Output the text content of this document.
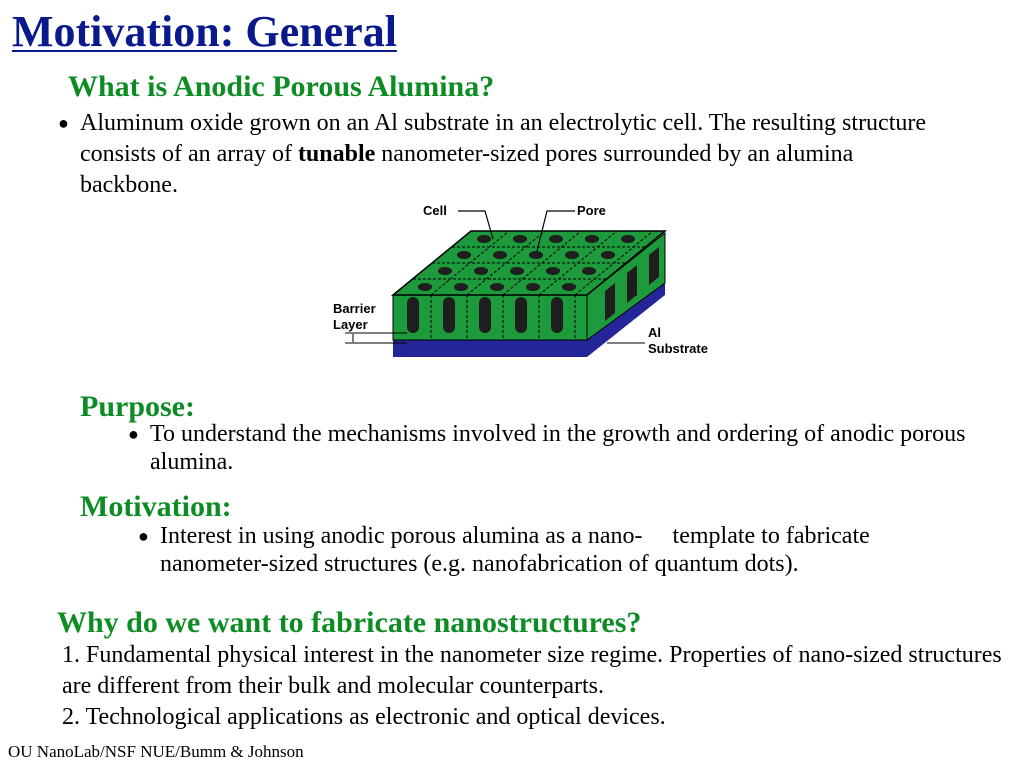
Motivation: General
What is Anodic Porous Alumina?
● Aluminum oxide grown on an Al substrate in an electrolytic cell. The resulting structure consists of an array of tunable nanometer-sized pores surrounded by an alumina backbone.
Cell	Pore
Barrier
Layer
Al
Substrate
Purpose:
● To understand the mechanisms involved in the growth and ordering of anodic porous alumina.
Motivation:
● Interest in using anodic porous alumina as a nano-     template to fabricate nanometer-sized structures (e.g. nanofabrication of quantum dots).
Why do we want to fabricate nanostructures?
1. Fundamental physical interest in the nanometer size regime. Properties of nano-sized structures are different from their bulk and molecular counterparts.
2. Technological applications as electronic and optical devices.
OU NanoLab/NSF NUE/Bumm & Johnson
